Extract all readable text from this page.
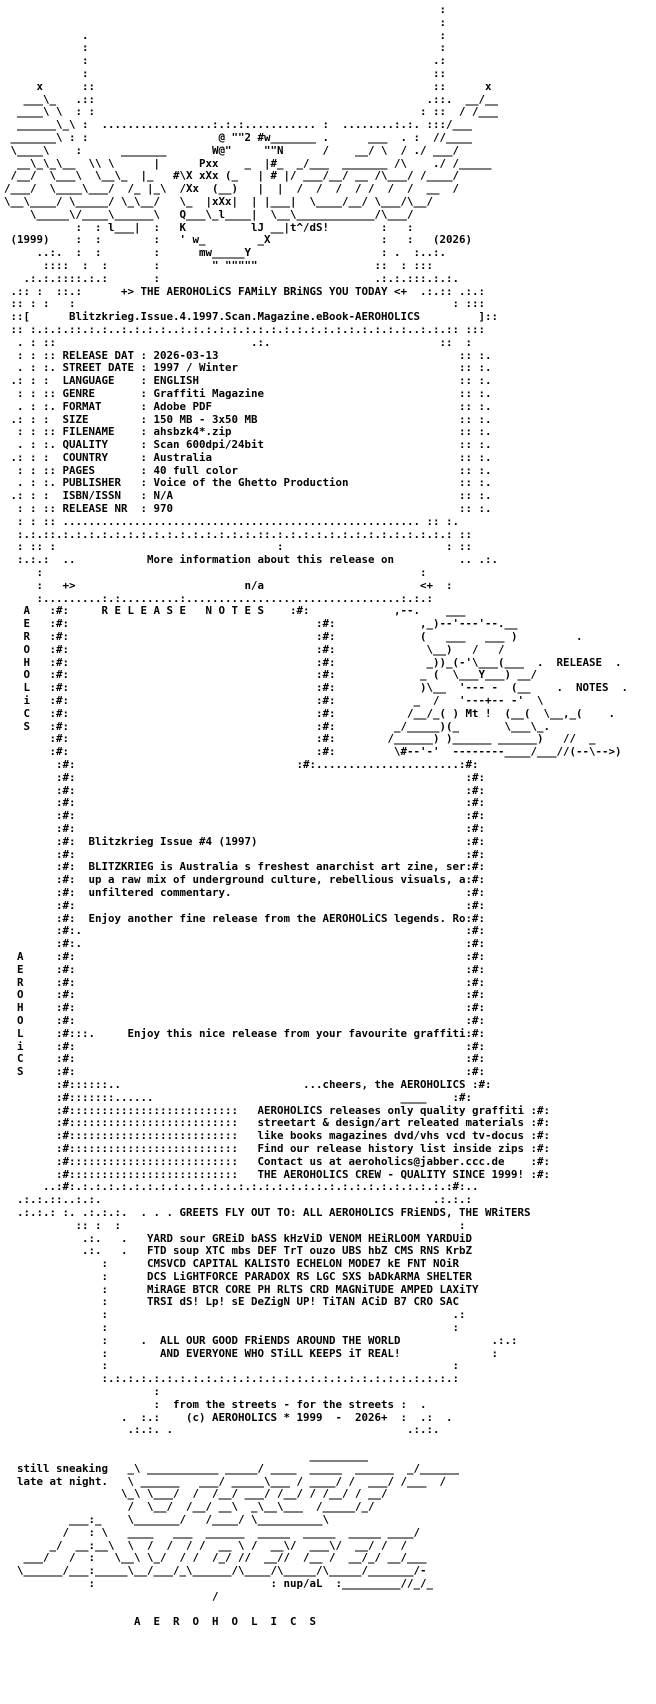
:
:
.                                                      :
:                                                      :
:                                                     .:
:                                                     ::
x      ::                                                    ::      x
___\_   .::                                                   .::.  __/__
____\ \  : :                                                  : ::  / /___
______\_\ :  .................:.:.:........... :  ........:.:. :::/___
_______\ : :                    @ ""2 #w_______ .      ___  . :  //____
\____\    :      _______       W@"     ""N      /    __/ \  / ./ ___/
__\_\_\__  \\ \      |      Pxx    _  |#_  _/___  _______ /\    ./ /_____
/__/  \___\  \__\_  |_   #\X xXx (_   | # |/ ___/__/ __ /\___/ /____/
/___/  \____\___/  /_ |_\  /Xx  (__)   |  |  /  /  /  / /  /  /  __  /
\__\____/ \_____/ \_\__/   \_  |xXx|  | |___|  \____/__/ \___/\__/
\_____\/____\______\   Q___\_l____|  \__\____________/\___/
:  : l___|  :   K          lJ __|t^/dS!        :   :
(1999)    :  :        :   ' w_        _X                 :   :   (2026)
..:.  :  :        :      mw_____Y                    : .  :..:.
::::  :  :       :        " """""                  ::  : :::
.:.:.::::.:.:       :                                 .:.:.:::.:.:.
.:: :  ::.:      +> THE AEROHOLiCS FAMiLY BRiNGS YOU TODAY <+  .:.:: .:.:
:: : :   :                                                          : :::
::[      Blitzkrieg.Issue.4.1997.Scan.Magazine.eBook-AEROHOLICS         ]::
:: :.:.:.::.:.:..:.:.:.:..:.:.:.:.:.:.:.:.:.:.:.:.:.:.:.:.:.:..:.:.:: :::
. : ::                              .:.                          ::  :
: : :: RELEASE DAT : 2026-03-13                                     :: :.
. : :. STREET DATE : 1997 / Winter                                  :: :.
.: : :  LANGUAGE    : ENGLISH                                        :: :.
: : :: GENRE       : Graffiti Magazine                              :: :.
. : :. FORMAT      : Adobe PDF                                      :: :.
.: : :  SIZE        : 150 MB - 3x50 MB                               :: :.
: : :: FILENAME    : ahsbzk4*.zip                                   :: :.
. : :. QUALITY     : Scan 600dpi/24bit                              :: :.
.: : :  COUNTRY     : Australia                                      :: :.
: : :: PAGES       : 40 full color                                  :: :.
. : :. PUBLISHER   : Voice of the Ghetto Production                 :: :.
.: : :  ISBN/ISSN   : N/A                                            :: :.
: : :: RELEASE NR  : 970                                            :: :.
: : :: ....................................................... :: :.
:.:.::.:.:.:.:.:.:.:.:.:.:.:.:.:.:.:.::.:.:.:.:.:.:.:.:.:.:.:.:.:.: ::
: :: :                                  :                         : ::
:.:.:  ..           More information about this release on          .. .:.
:                                                          :
:   +>                          n/a                        <+  :
:.........:.:.........:.................................:.:.:
A   :#:     R E L E A S E   N O T E S    :#:             ,--.    ___
E   :#:                                      :#:             ,_)--'---'--.__
R   :#:                                      :#:             (   ___   ___ )         .
O   :#:                                      :#:              \__)   /   /
H   :#:                                      :#:              _))_(-'\___(___  .  RELEASE  .
O   :#:                                      :#:             _ (  \___Y___) __/
L   :#:                                      :#:             )\__  '--- -  (__    .  NOTES  .
i   :#:                                      :#:            _  /   '---+-- -'  \
C   :#:                                      :#:           /__/_( ) Mt !  (__(  \__,_(    .
S   :#:                                      :#:         _/_____)(_       \___\_.
:#:                                      :#:        /______) )______ ______)   //  _
:#:                                      :#:         \#--'-'  --------____/___//(--\-->)
:#:                                  :#:......................:#:
:#:                                                            :#:
:#:                                                            :#:
:#:                                                            :#:
:#:                                                            :#:
:#:                                                            :#:
:#:  Blitzkrieg Issue #4 (1997)                                :#:
:#:                                                            :#:
:#:  BLITZKRIEG is Australia s freshest anarchist art zine, ser:#:
:#:  up a raw mix of underground culture, rebellious visuals, a:#:
:#:  unfiltered commentary.                                    :#:
:#:                                                            :#:
:#:  Enjoy another fine release from the AEROHOLiCS legends. Ro:#:
:#:.                                                           :#:
:#:.                                                           :#:
A     :#:                                                            :#:
E     :#:                                                            :#:
R     :#:                                                            :#:
O     :#:                                                            :#:
H     :#:                                                            :#:
O     :#:                                                            :#:
L     :#:::.     Enjoy this nice release from your favourite graffiti:#:
i     :#:                                                            :#:
C     :#:                                                            :#:
S     :#:                                                            :#:
:#::::::..                            ...cheers, the AEROHOLICS :#:
:#:::::::......                                      ____    :#:
:#::::::::::::::::::::::::::   AEROHOLICS releases only quality graffiti :#:
:#::::::::::::::::::::::::::   streetart & design/art releated materials :#:
:#::::::::::::::::::::::::::   like books magazines dvd/vhs vcd tv-docus :#:
:#::::::::::::::::::::::::::   Find our release history list inside zips :#:
:#::::::::::::::::::::::::::   Contact us at aeroholics@jabber.ccc.de    :#:
:#::::::::::::::::::::::::::   THE AEROHOLICS CREW - QUALITY SINCE 1999! :#:
..:#:.:.:.:.:.:.:.:.:.:.:.:.:.:.:.:.:.:.:.:.:.:.:.:.:.:.:.:.:.:#:..
.:.:.::..:.:.                                                   .:.:.:
.:.:.: :. .:.:.:.  . . . GREETS FLY OUT TO: ALL AEROHOLICS FRiENDS, THE WRiTERS
:: :  :                                                    :
.:.   .   YARD sour GREiD bASS kHzViD VENOM HEiRLOOM YARDUiD
.:.   .   FTD soup XTC mbs DEF TrT ouzo UBS hbZ CMS RNS KrbZ
:      CMSVCD CAPITAL KALISTO ECHELON MODE7 kE FNT NOiR
:      DCS LiGHTFORCE PARADOX RS LGC SXS bADkARMA SHELTER
:      MiRAGE BTCR CORE PH RLTS CRD MAGNiTUDE AMPED LAXiTY
:      TRSI dS! Lp! sE DeZigN UP! TiTAN ACiD B7 CRO SAC
:                                                     .:
:                                                     :
:     .  ALL OUR GOOD FRiENDS AROUND THE WORLD              .:.:
:        AND EVERYONE WHO STiLL KEEPS iT REAL!              :
:                                                     :
:.:.:.:.:.:.:.:.:.:.:.:.:.:.:.:.:.:.:.:.:.:.:.:.:.:.:.:
:
:  from the streets - for the streets :  .
.  :.:    (c) AEROHOLICS * 1999  -  2026+  :  .:  .
.:.:. .                                    .:.:.

_________
still sneaking   _\ ___________ _____/ ____  _____  ______  _/______
late at night.   \ ______   ___/ _____\___ / ____/ /  ___/ /___  /
\_\ \___/  /  /__/ ___/ /__/ / /__/ / __/
/  \__/  /__/ __\  _\__\___  /_____/_/
___:_    \_______/   /____/ \__________\
/   : \   ____   ___  ______  _____  _____  _____ ____/
_/  __:__\  \  /  /  / /  __ \ /  __\/  ___\/  __/ /  /
___/   /  :   \__\ \_/  / /  /_/ //  __//  /__ /  __/_/ __/___
\______/___:_____\__/___/_\______/\____/\_____/\_____/_______/-
:                           : nup/aL  :_________//_/_
/

A  E  R  O  H  O  L  I  C  S
